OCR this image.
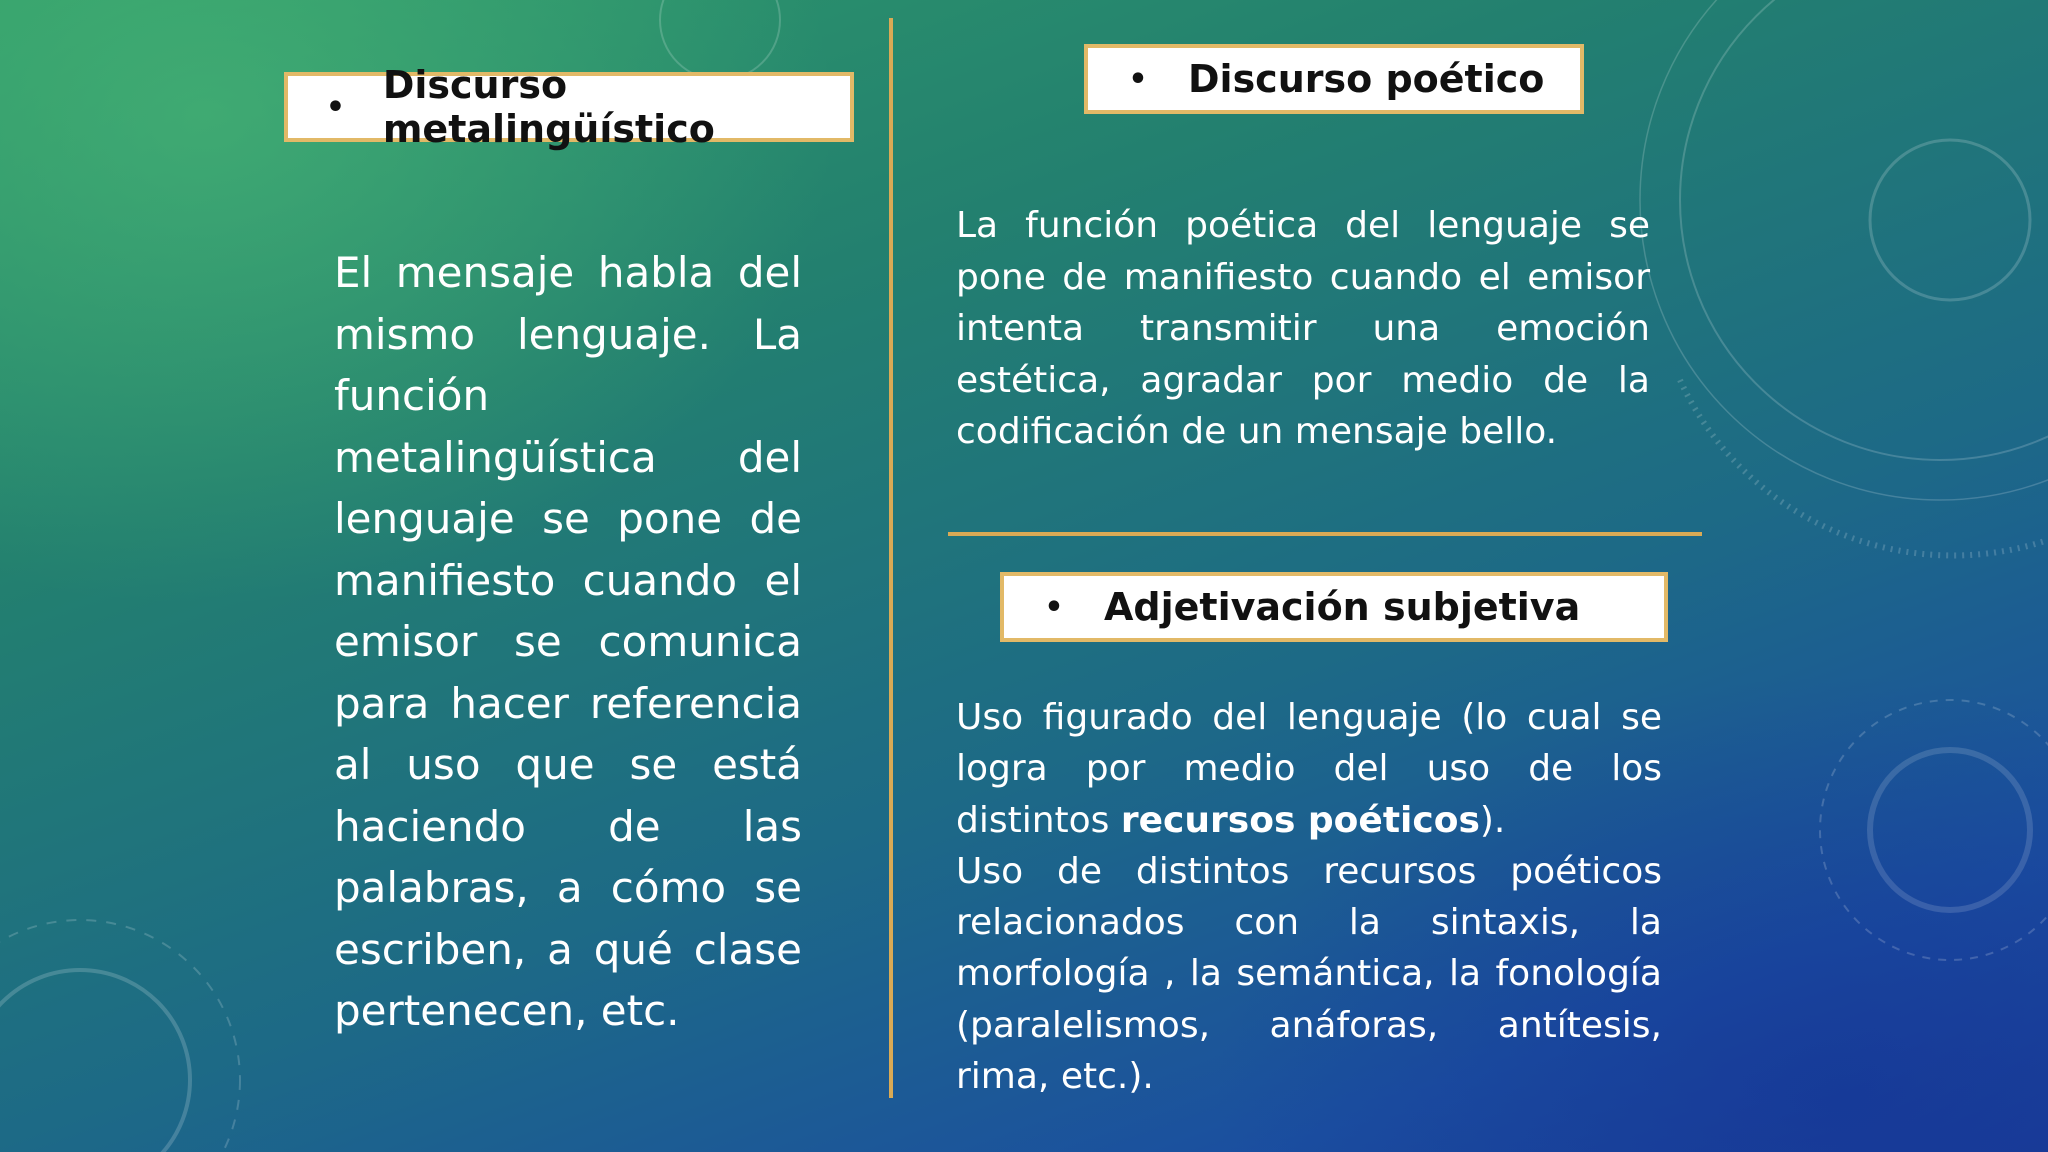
• Discurso metalingüístico

El mensaje habla del mismo lenguaje. La función metalingüística del lenguaje se pone de manifiesto cuando el emisor se comunica para hacer referencia al uso que se está haciendo de las palabras, a cómo se escriben, a qué clase pertenecen, etc.

•	Discurso poético

La función poética del lenguaje se pone de manifiesto cuando el emisor intenta transmitir una emoción estética, agradar por medio de la codificación de un mensaje bello.

•	Adjetivación subjetiva

Uso figurado del lenguaje (lo cual se logra por medio del uso de los distintos recursos poéticos).

Uso de distintos recursos poéticos relacionados con la sintaxis, la morfología , la semántica, la fonología (paralelismos, anáforas, antítesis, rima, etc.).
